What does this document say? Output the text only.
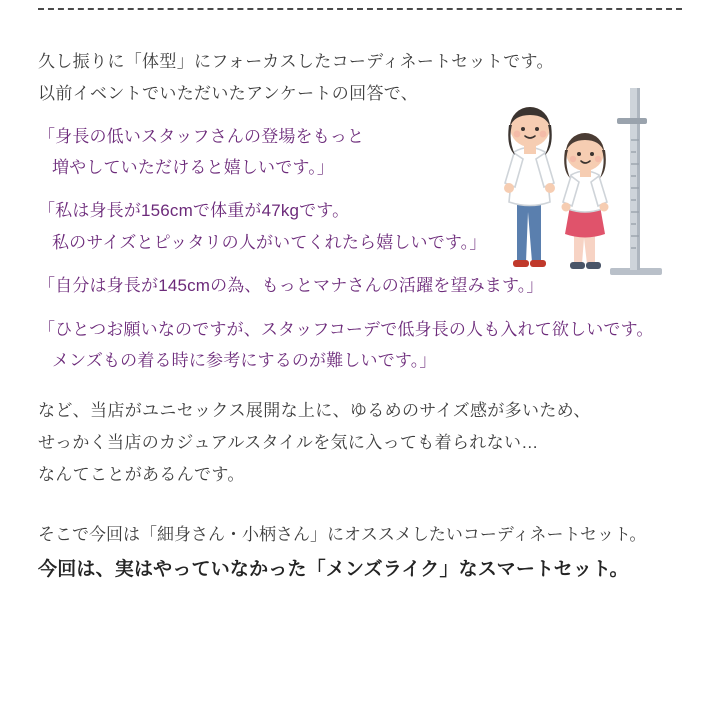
久し振りに「体型」にフォーカスしたコーディネートセットです。
以前イベントでいただいたアンケートの回答で、
「身長の低いスタッフさんの登場をもっと
増やしていただけると嬉しいです。」
「私は身長が156cmで体重が47kgです。
私のサイズとピッタリの人がいてくれたら嬉しいです。」
「自分は身長が145cmの為、もっとマナさんの活躍を望みます。」
「ひとつお願いなのですが、スタッフコーデで低身長の人も入れて欲しいです。
メンズもの着る時に参考にするのが難しいです。」
など、当店がユニセックス展開な上に、ゆるめのサイズ感が多いため、
せっかく当店のカジュアルスタイルを気に入っても着られない…
なんてことがあるんです。
そこで今回は「細身さん・小柄さん」にオススメしたいコーディネートセット。
今回は、実はやっていなかった「メンズライク」なスマートセット。
